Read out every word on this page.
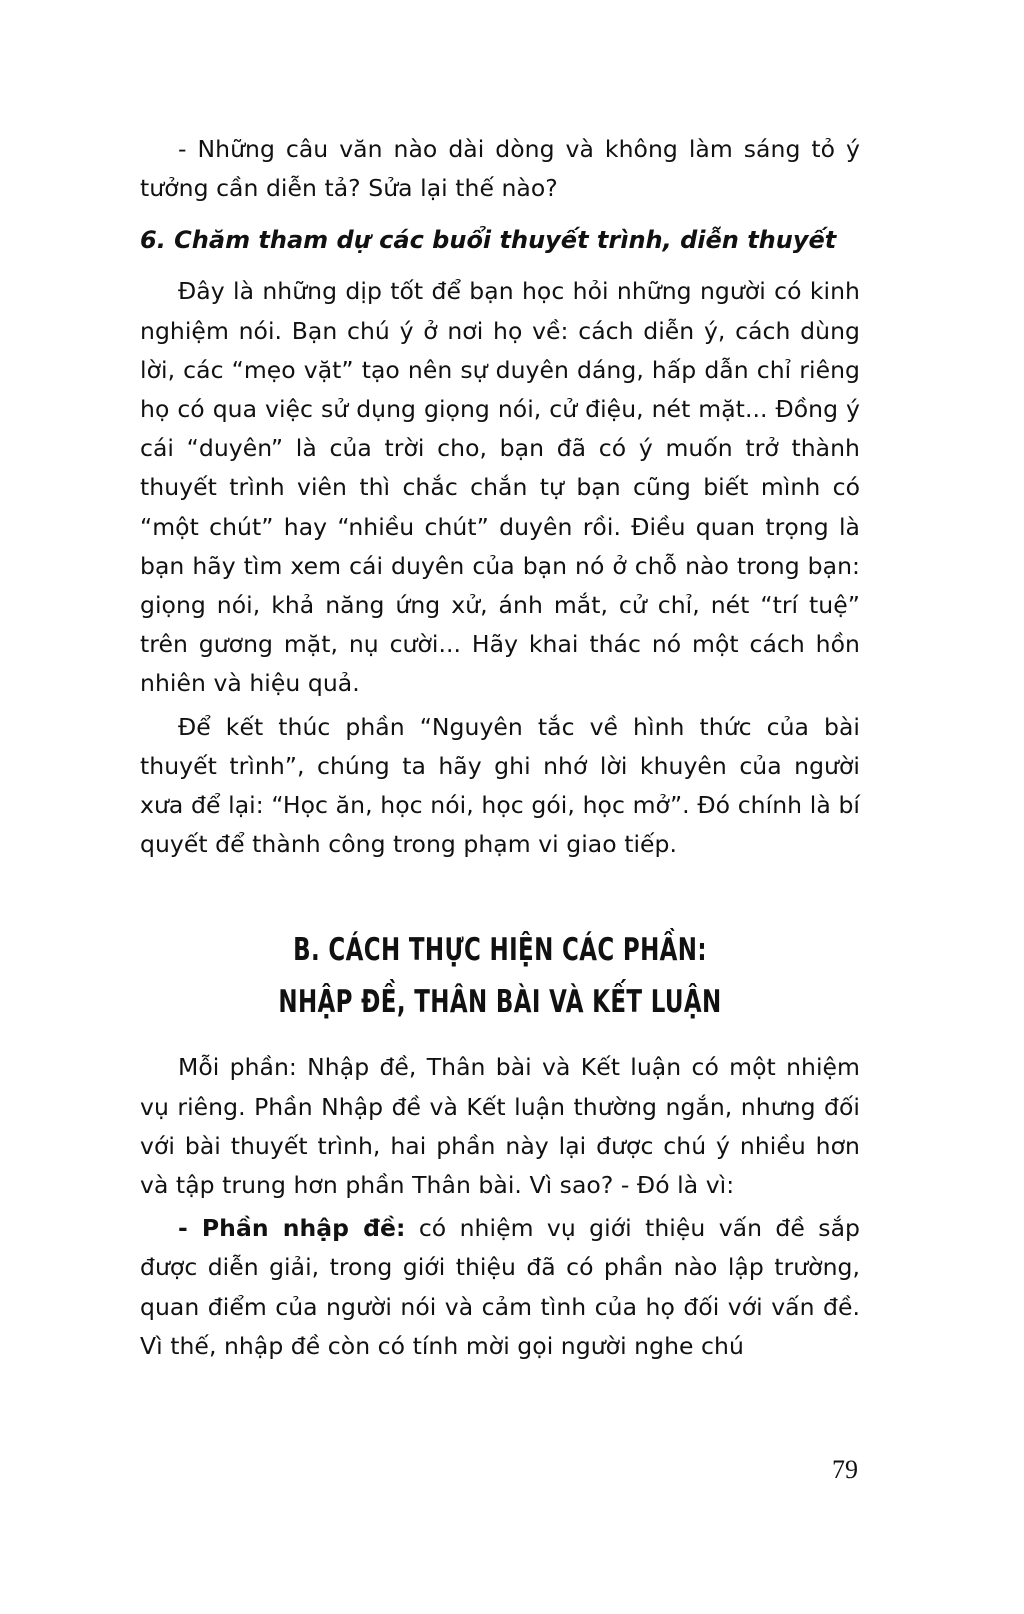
- Những câu văn nào dài dòng và không làm sáng tỏ ý tưởng cần diễn tả? Sửa lại thế nào?

6. Chăm tham dự các buổi thuyết trình, diễn thuyết

Đây là những dịp tốt để bạn học hỏi những người có kinh nghiệm nói. Bạn chú ý ở nơi họ về: cách diễn ý, cách dùng lời, các “mẹo vặt” tạo nên sự duyên dáng, hấp dẫn chỉ riêng họ có qua việc sử dụng giọng nói, cử điệu, nét mặt... Đồng ý cái “duyên” là của trời cho, bạn đã có ý muốn trở thành thuyết trình viên thì chắc chắn tự bạn cũng biết mình có “một chút” hay “nhiều chút” duyên rồi. Điều quan trọng là bạn hãy tìm xem cái duyên của bạn nó ở chỗ nào trong bạn: giọng nói, khả năng ứng xử, ánh mắt, cử chỉ, nét “trí tuệ” trên gương mặt, nụ cười... Hãy khai thác nó một cách hồn nhiên và hiệu quả.

Để kết thúc phần “Nguyên tắc về hình thức của bài thuyết trình”, chúng ta hãy ghi nhớ lời khuyên của người xưa để lại: “Học ăn, học nói, học gói, học mở”. Đó chính là bí quyết để thành công trong phạm vi giao tiếp.

B. CÁCH THỰC HIỆN CÁC PHẦN:
NHẬP ĐỀ, THÂN BÀI VÀ KẾT LUẬN

Mỗi phần: Nhập đề, Thân bài và Kết luận có một nhiệm vụ riêng. Phần Nhập đề và Kết luận thường ngắn, nhưng đối với bài thuyết trình, hai phần này lại được chú ý nhiều hơn và tập trung hơn phần Thân bài. Vì sao? - Đó là vì:

- Phần nhập đề: có nhiệm vụ giới thiệu vấn đề sắp được diễn giải, trong giới thiệu đã có phần nào lập trường, quan điểm của người nói và cảm tình của họ đối với vấn đề. Vì thế, nhập đề còn có tính mời gọi người nghe chú

79
